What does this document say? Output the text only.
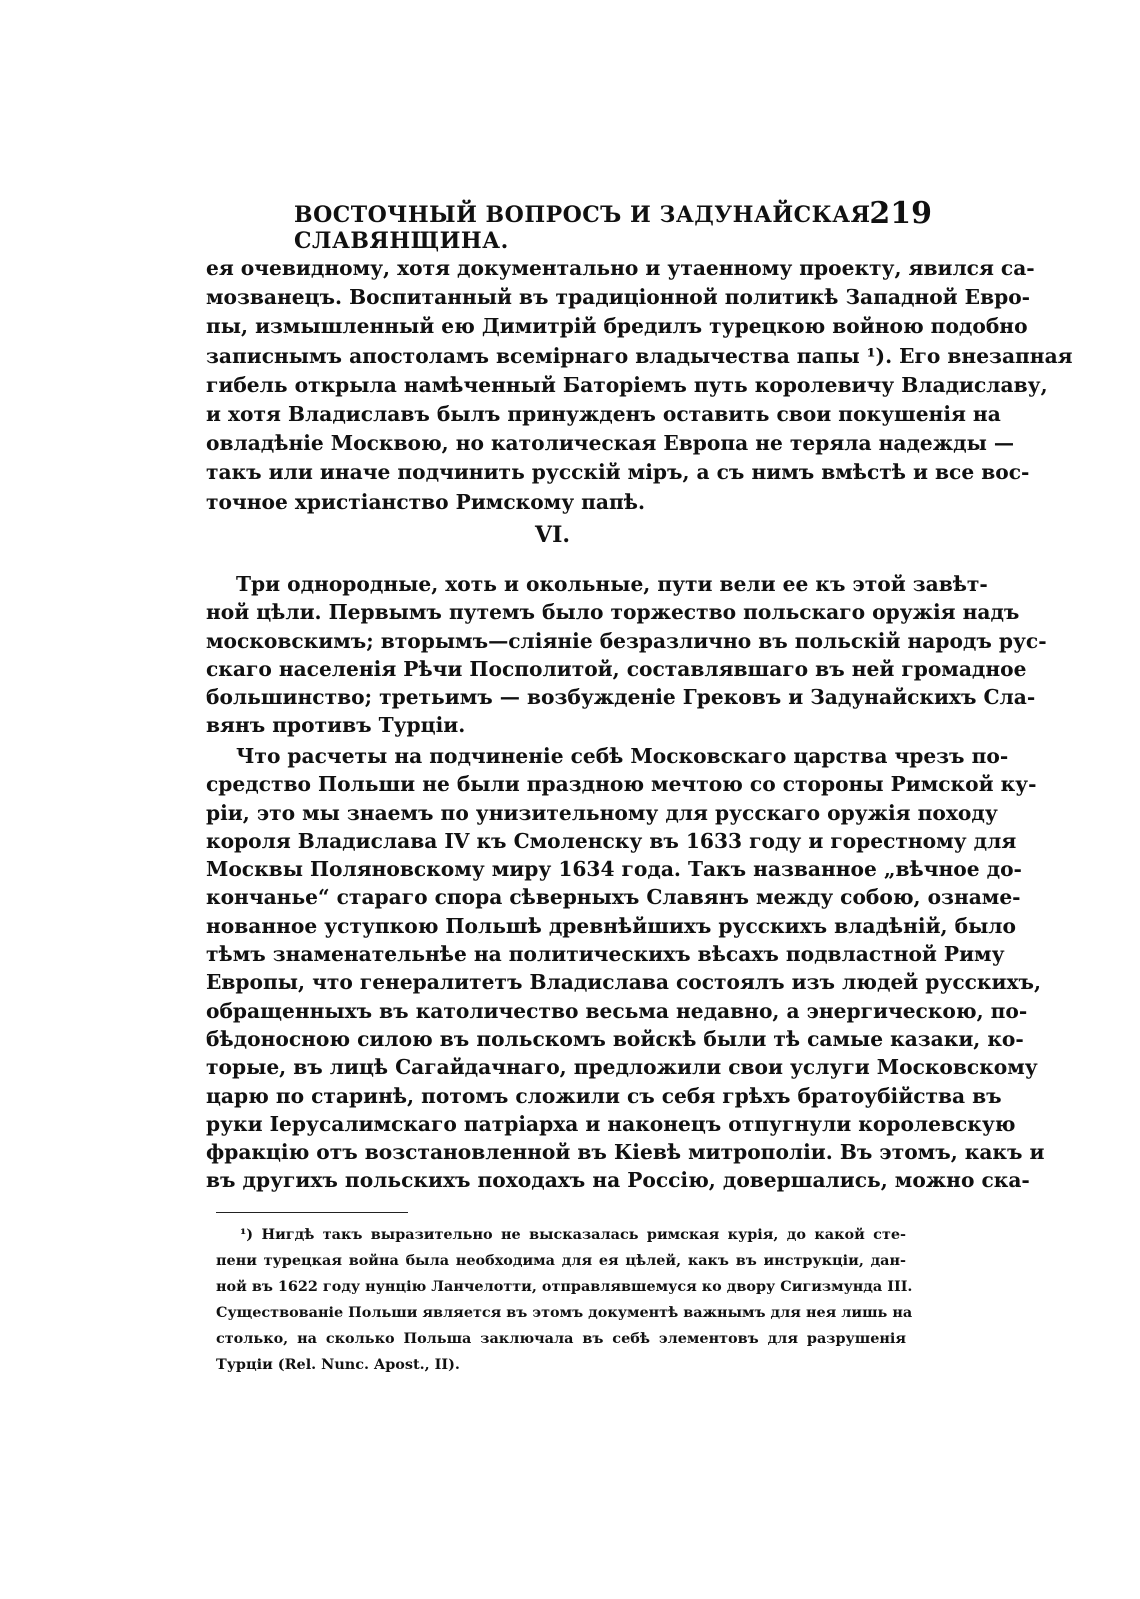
ВОСТОЧНЫЙ ВОПРОСЪ И ЗАДУНАЙСКАЯ СЛАВЯНЩИНА.
219
ея очевидному, хотя документально и утаенному проекту, явился са-
мозванецъ. Воспитанный въ традиціонной политикѣ Западной Евро-
пы, измышленный ею Димитрій бредилъ турецкою войною подобно
записнымъ апостоламъ всемірнаго владычества папы ¹). Его внезапная
гибель открыла намѣченный Баторіемъ путь королевичу Владиславу,
и хотя Владиславъ былъ принужденъ оставить свои покушенія на
овладѣніе Москвою, но католическая Европа не теряла надежды —
такъ или иначе подчинить русскій міръ, а съ нимъ вмѣстѣ и все вос-
точное христіанство Римскому папѣ.
VI.
Три однородные, хоть и окольные, пути вели ее къ этой завѣт-
ной цѣли. Первымъ путемъ было торжество польскаго оружія надъ
московскимъ; вторымъ—сліяніе безразлично въ польскій народъ рус-
скаго населенія Рѣчи Посполитой, составлявшаго въ ней громадное
большинство; третьимъ — возбужденіе Грековъ и Задунайскихъ Сла-
вянъ противъ Турціи.
Что расчеты на подчиненіе себѣ Московскаго царства чрезъ по-
средство Польши не были праздною мечтою со стороны Римской ку-
ріи, это мы знаемъ по унизительному для русскаго оружія походу
короля Владислава IV къ Смоленску въ 1633 году и горестному для
Москвы Поляновскому миру 1634 года. Такъ названное „вѣчное до-
кончанье“ стараго спора сѣверныхъ Славянъ между собою, ознаме-
нованное уступкою Польшѣ древнѣйшихъ русскихъ владѣній, было
тѣмъ знаменательнѣе на политическихъ вѣсахъ подвластной Риму
Европы, что генералитетъ Владислава состоялъ изъ людей русскихъ,
обращенныхъ въ католичество весьма недавно, а энергическою, по-
бѣдоносною силою въ польскомъ войскѣ были тѣ самые казаки, ко-
торые, въ лицѣ Сагайдачнаго, предложили свои услуги Московскому
царю по старинѣ, потомъ сложили съ себя грѣхъ братоубійства въ
руки Іерусалимскаго патріарха и наконецъ отпугнули королевскую
фракцію отъ возстановленной въ Кіевѣ митрополіи. Въ этомъ, какъ и
въ другихъ польскихъ походахъ на Россію, довершались, можно ска-
¹) Нигдѣ такъ выразительно не высказалась римская курія, до какой сте-
пени турецкая война была необходима для ея цѣлей, какъ въ инструкціи, дан-
ной въ 1622 году нунцію Ланчелотти, отправлявшемуся ко двору Сигизмунда III.
Существованіе Польши является въ этомъ документѣ важнымъ для нея лишь на
столько, на сколько Польша заключала въ себѣ элементовъ для разрушенія
Турціи (Rel. Nunc. Apost., II).
